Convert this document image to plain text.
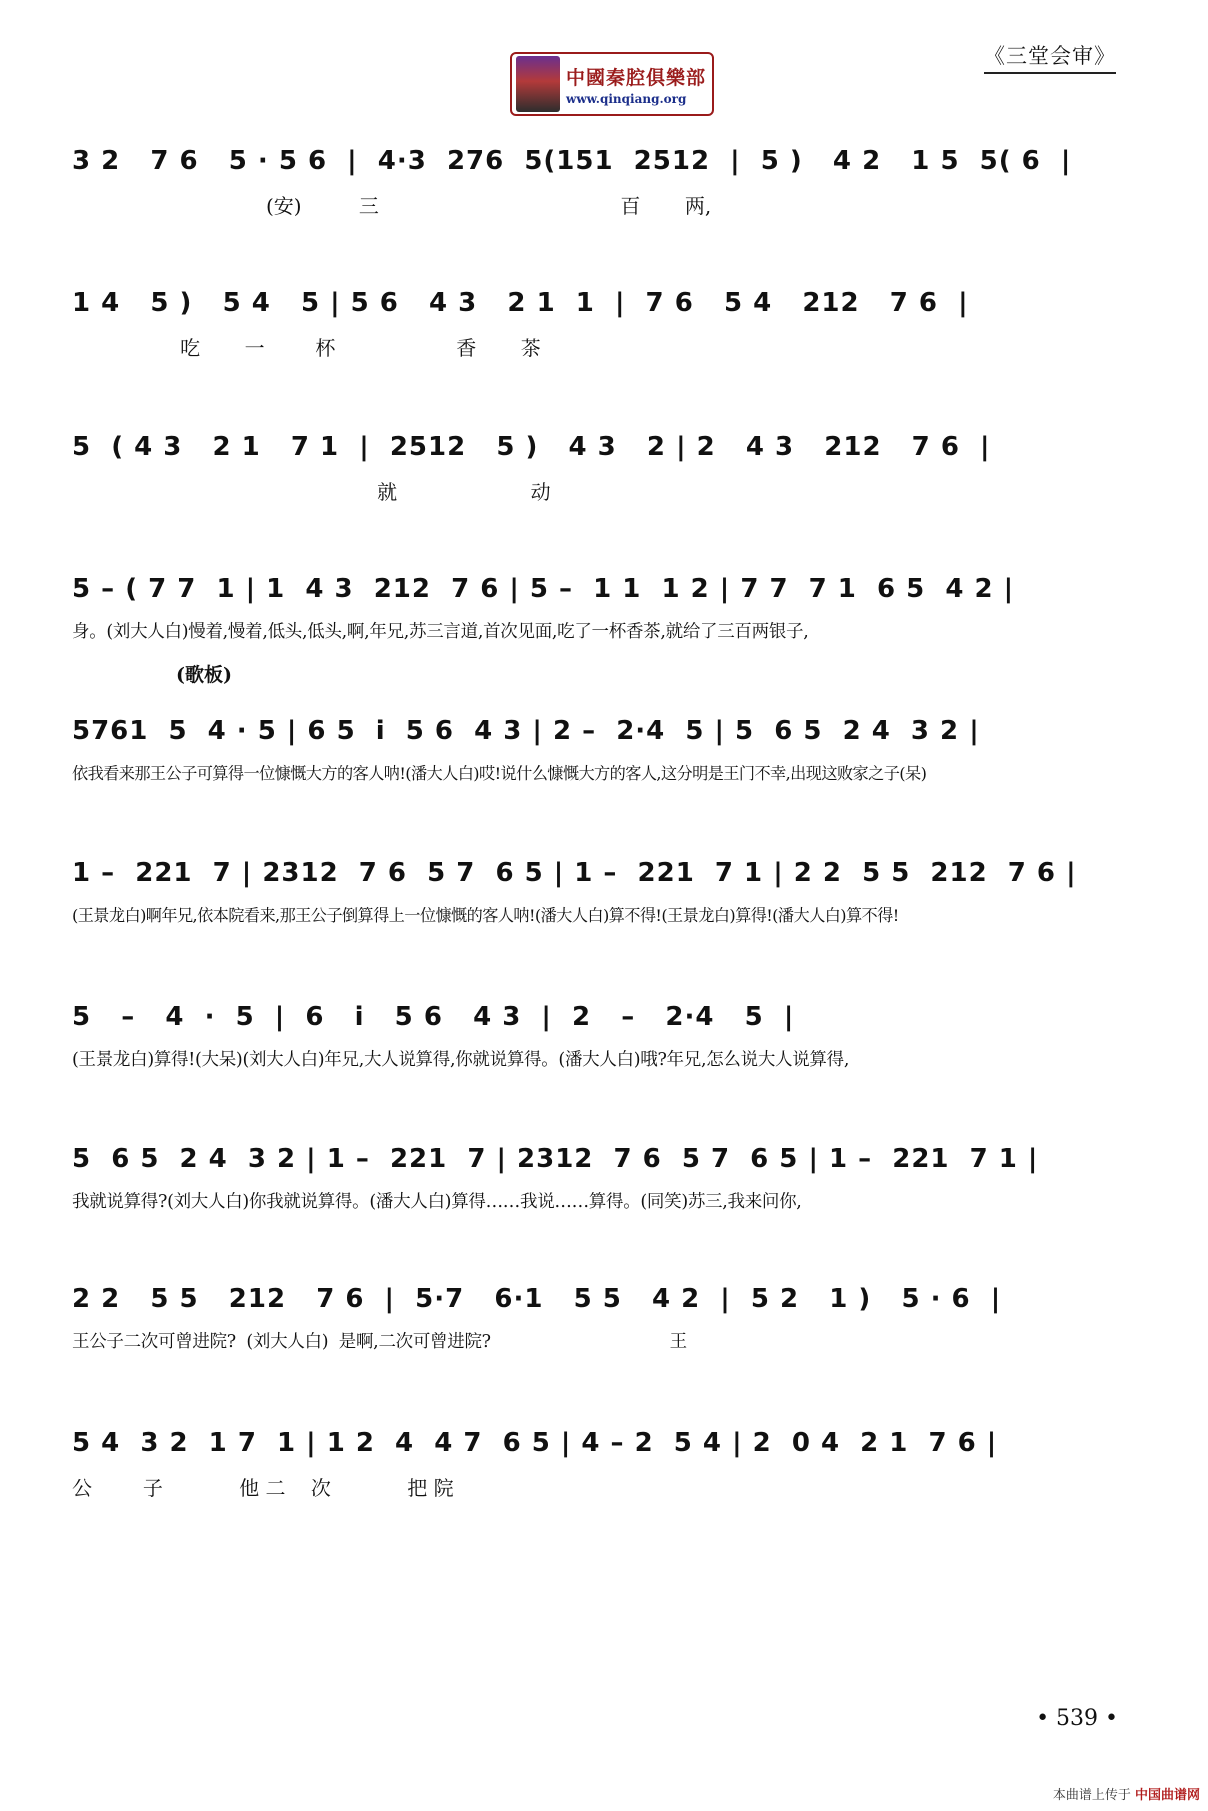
《三堂会审》
中國秦腔俱樂部
www.qinqiang.org
3 2   7 6   5 · 5 6  |  4·3  276  5(151  2512  |  5 )   4 2   1 5  5( 6  |
(安)         三                                      百       两,
1 4   5 )   5 4   5 | 5 6   4 3   2 1  1  |  7 6   5 4   212   7 6  |
吃       一        杯                   香       茶
5  ( 4 3   2 1   7 1  |  2512   5 )   4 3   2 | 2   4 3   212   7 6  |
就                     动
5 – ( 7 7  1 | 1  4 3  212  7 6 | 5 –  1 1  1 2 | 7 7  7 1  6 5  4 2 |
身。(刘大人白)慢着,慢着,低头,低头,啊,年兄,苏三言道,首次见面,吃了一杯香茶,就给了三百两银子,
(歌板)
5761  5  4 · 5 | 6 5  i  5 6  4 3 | 2 –  2·4  5 | 5  6 5  2 4  3 2 |
依我看来那王公子可算得一位慷慨大方的客人呐!(潘大人白)哎!说什么慷慨大方的客人,这分明是王门不幸,出现这败家之子(呆)
1 –  221  7 | 2312  7 6  5 7  6 5 | 1 –  221  7 1 | 2 2  5 5  212  7 6 |
(王景龙白)啊年兄,依本院看来,那王公子倒算得上一位慷慨的客人呐!(潘大人白)算不得!(王景龙白)算得!(潘大人白)算不得!
5   –   4  ·  5  |  6   i   5 6   4 3  |  2   –   2·4   5  |
(王景龙白)算得!(大呆)(刘大人白)年兄,大人说算得,你就说算得。(潘大人白)哦?年兄,怎么说大人说算得,
5  6 5  2 4  3 2 | 1 –  221  7 | 2312  7 6  5 7  6 5 | 1 –  221  7 1 |
我就说算得?(刘大人白)你我就说算得。(潘大人白)算得……我说……算得。(同笑)苏三,我来问你,
2 2   5 5   212   7 6  |  5·7   6·1   5 5   4 2  |  5 2   1 )   5 · 6  |
王公子二次可曾进院?  (刘大人白)  是啊,二次可曾进院?                                  王
5 4  3 2  1 7  1 | 1 2  4  4 7  6 5 | 4 – 2  5 4 | 2  0 4  2 1  7 6 |
公        子            他 二    次            把 院
• 539 •
本曲谱上传于 中国曲谱网
